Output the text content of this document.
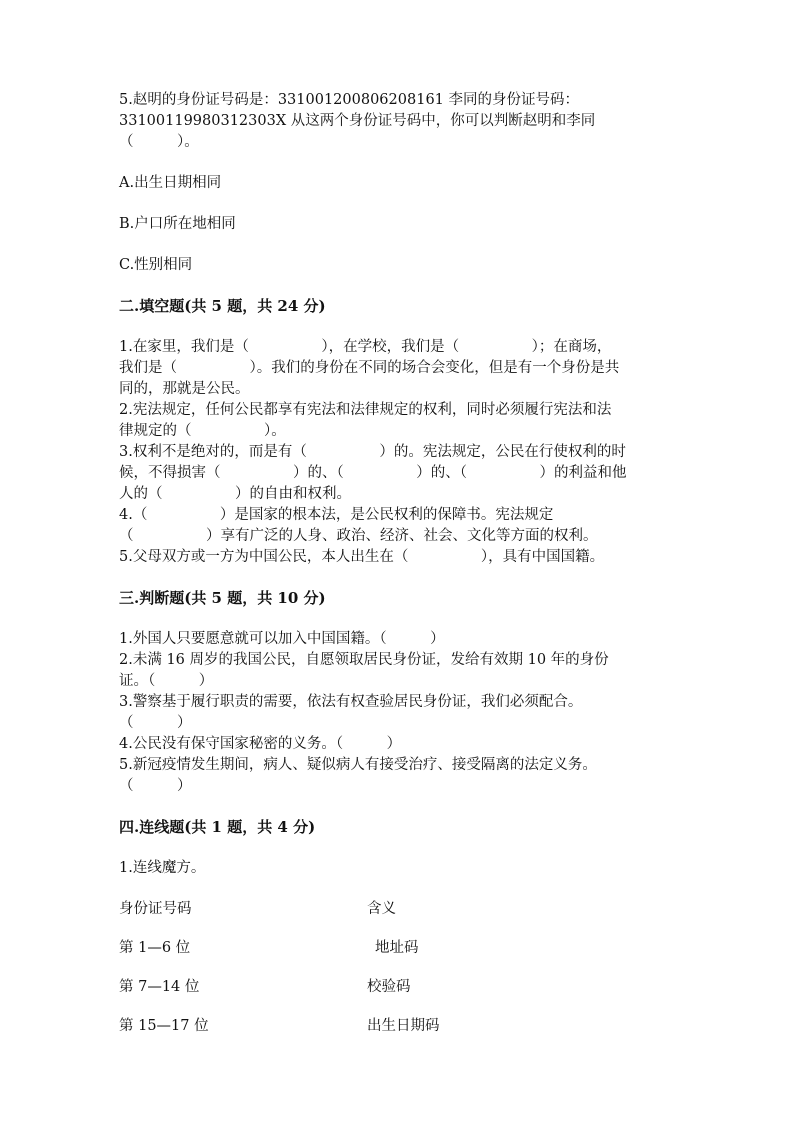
5.赵明的身份证号码是：331001200806208161 李同的身份证号码：
33100119980312303X 从这两个身份证号码中，你可以判断赵明和李同
（　　　）。
A.出生日期相同
B.户口所在地相同
C.性别相同
二.填空题(共 5 题，共 24 分)
1.在家里，我们是（　　　　　），在学校，我们是（　　　　　）；在商场，
我们是（　　　　　）。我们的身份在不同的场合会变化，但是有一个身份是共
同的，那就是公民。
2.宪法规定，任何公民都享有宪法和法律规定的权利，同时必须履行宪法和法
律规定的（　　　　　）。
3.权利不是绝对的，而是有（　　　　　）的。宪法规定，公民在行使权利的时
候，不得损害（　　　　　）的、（　　　　　）的、（　　　　　）的利益和他
人的（　　　　　）的自由和权利。
4.（　　　　　）是国家的根本法，是公民权利的保障书。宪法规定
（　　　　　）享有广泛的人身、政治、经济、社会、文化等方面的权利。
5.父母双方或一方为中国公民，本人出生在（　　　　　），具有中国国籍。
三.判断题(共 5 题，共 10 分)
1.外国人只要愿意就可以加入中国国籍。（　　　）
2.未满 16 周岁的我国公民，自愿领取居民身份证，发给有效期 10 年的身份
证。（　　　）
3.警察基于履行职责的需要，依法有权查验居民身份证，我们必须配合。
（　　　）
4.公民没有保守国家秘密的义务。（　　　）
5.新冠疫情发生期间，病人、疑似病人有接受治疗、接受隔离的法定义务。
（　　　）
四.连线题(共 1 题，共 4 分)
1.连线魔方。
身份证号码	含义
第 1—6 位	地址码
第 7—14 位	校验码
第 15—17 位	出生日期码
